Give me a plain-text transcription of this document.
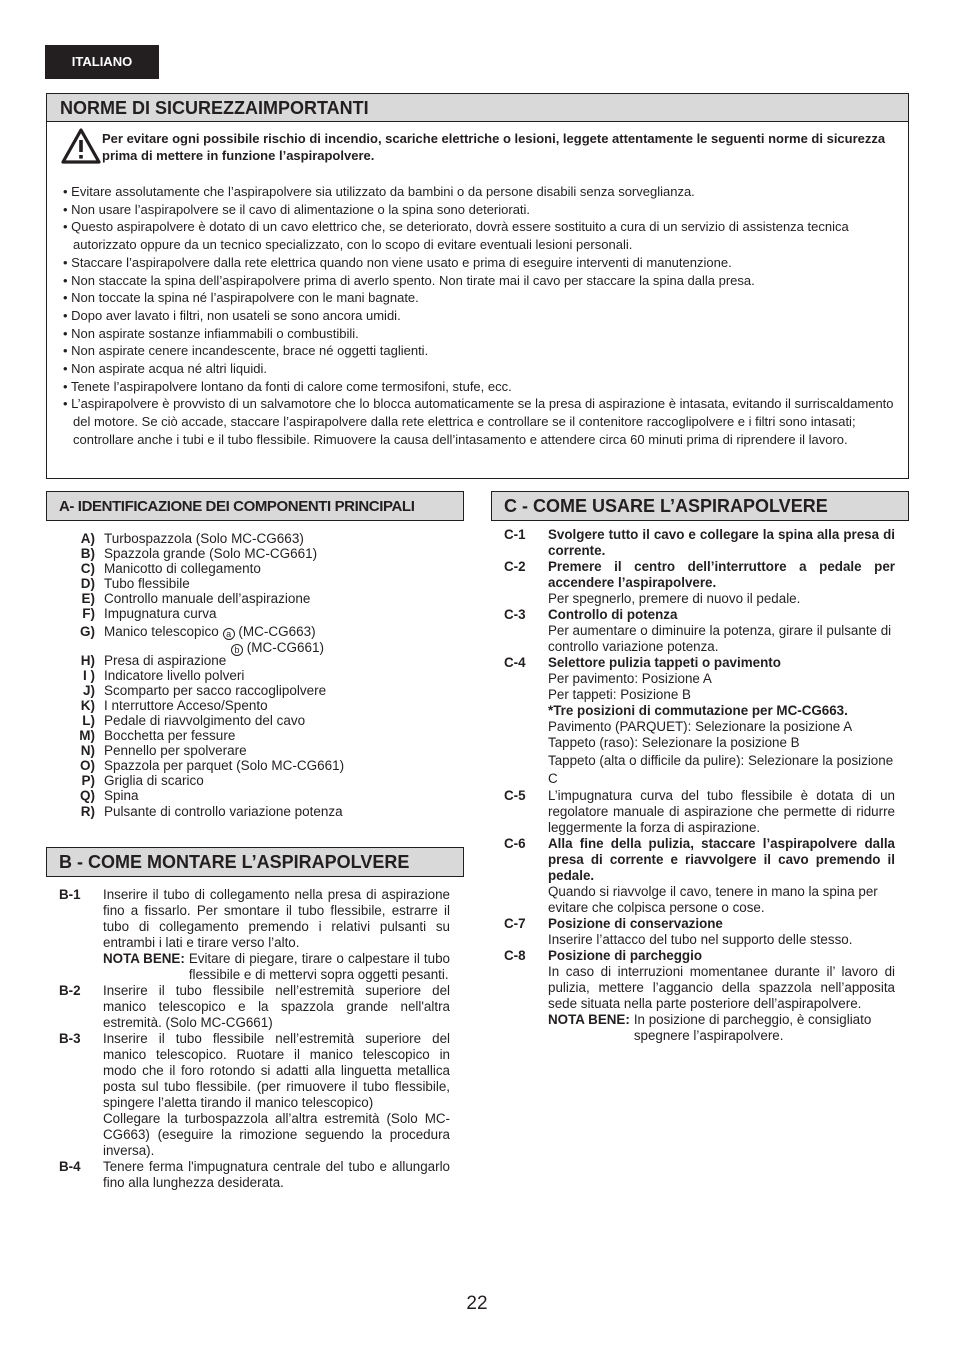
ITALIANO
NORME DI SICUREZZAIMPORTANTI
Per evitare ogni possibile rischio di incendio, scariche elettriche o lesioni, leggete attentamente le seguenti norme di sicurezza prima di mettere in funzione l’aspirapolvere.
• Evitare assolutamente che l’aspirapolvere sia utilizzato da bambini o da persone disabili senza sorveglianza.
• Non usare l’aspirapolvere se il cavo di alimentazione o la spina sono deteriorati.
• Questo aspirapolvere è dotato di un cavo elettrico che, se deteriorato, dovrà essere sostituito a cura di un servizio di assistenza tecnica autorizzato oppure da un tecnico specializzato, con lo scopo di evitare eventuali lesioni personali.
• Staccare l’aspirapolvere dalla rete elettrica quando non viene usato e prima di eseguire interventi di manutenzione.
• Non staccate la spina dell’aspirapolvere prima di averlo spento. Non tirate mai il cavo per staccare la spina dalla presa.
• Non toccate la spina né l’aspirapolvere con le mani bagnate.
• Dopo aver lavato i filtri, non usateli se sono ancora umidi.
• Non aspirate sostanze infiammabili o combustibili.
• Non aspirate cenere incandescente, brace né oggetti taglienti.
• Non aspirate acqua né altri liquidi.
• Tenete l’aspirapolvere lontano da fonti di calore come termosifoni, stufe, ecc.
• L’aspirapolvere è provvisto di un salvamotore che lo blocca automaticamente se la presa di aspirazione è intasata, evitando il surriscaldamento del motore. Se ciò accade, staccare l’aspirapolvere dalla rete elettrica e controllare se il contenitore raccoglipolvere e i filtri sono intasati; controllare anche i tubi e il tubo flessibile. Rimuovere la causa dell’intasamento e attendere circa 60 minuti prima di riprendere il lavoro.
A- IDENTIFICAZIONE DEI COMPONENTI PRINCIPALI
A) Turbospazzola (Solo MC-CG663)
B) Spazzola grande (Solo MC-CG661)
C) Manicotto di collegamento
D) Tubo flessibile
E) Controllo manuale dell’aspirazione
F) Impugnatura curva
G) Manico telescopico a (MC-CG663)
b (MC-CG661)
H) Presa di aspirazione
I ) Indicatore livello polveri
J) Scomparto per sacco raccoglipolvere
K) I nterruttore Acceso/Spento
L) Pedale di riavvolgimento del cavo
M) Bocchetta per fessure
N) Pennello per spolverare
O) Spazzola per parquet (Solo MC-CG661)
P) Griglia di scarico
Q) Spina
R) Pulsante di controllo variazione potenza
B - COME MONTARE L’ASPIRAPOLVERE
B-1	Inserire il tubo di collegamento nella presa di aspirazione fino a fissarlo. Per smontare il tubo flessibile, estrarre il tubo di collegamento premendo i relativi pulsanti su entrambi i lati e tirare verso l’alto.
NOTA BENE: Evitare di piegare, tirare o calpestare il tubo flessibile e di mettervi sopra oggetti pesanti.
B-2	Inserire il tubo flessibile nell’estremità superiore del manico telescopico e la spazzola grande nell'altra estremità. (Solo MC-CG661)
B-3	Inserire il tubo flessibile nell’estremità superiore del manico telescopico. Ruotare il manico telescopico in modo che il foro rotondo si adatti alla linguetta metallica posta sul tubo flessibile. (per rimuovere il tubo flessibile, spingere l’aletta tirando il manico telescopico)
Collegare la turbospazzola all’altra estremità (Solo MC-CG663) (eseguire la rimozione seguendo la procedura inversa).
B-4	Tenere ferma l'impugnatura centrale del tubo e allungarlo fino alla lunghezza desiderata.
C - COME USARE L’ASPIRAPOLVERE
C-1	Svolgere tutto il cavo e collegare la spina alla presa di corrente.
C-2	Premere il centro dell’interruttore a pedale per accendere l’aspirapolvere.
Per spegnerlo, premere di nuovo il pedale.
C-3	Controllo di potenza
Per aumentare o diminuire la potenza, girare il pulsante di controllo variazione potenza.
C-4	Selettore pulizia tappeti o pavimento
Per pavimento: Posizione A
Per tappeti: Posizione B
*Tre posizioni di commutazione per MC-CG663.
Pavimento (PARQUET): Selezionare la posizione A
Tappeto (raso): Selezionare la posizione B
Tappeto (alta o difficile da pulire): Selezionare la posizione C
C-5	L’impugnatura curva del tubo flessibile è dotata di un regolatore manuale di aspirazione che permette di ridurre leggermente la forza di aspirazione.
C-6	Alla fine della pulizia, staccare l’aspirapolvere dalla presa di corrente e riavvolgere il cavo premendo il pedale.
Quando si riavvolge il cavo, tenere in mano la spina per evitare che colpisca persone o cose.
C-7	Posizione di conservazione
Inserire l’attacco del tubo nel supporto delle stesso.
C-8	Posizione di parcheggio
In caso di interruzioni momentanee durante il’ lavoro di pulizia, mettere l’aggancio della spazzola nell’apposita sede situata nella parte posteriore dell’aspirapolvere.
NOTA BENE: In posizione di parcheggio, è consigliato spegnere l’aspirapolvere.
22
